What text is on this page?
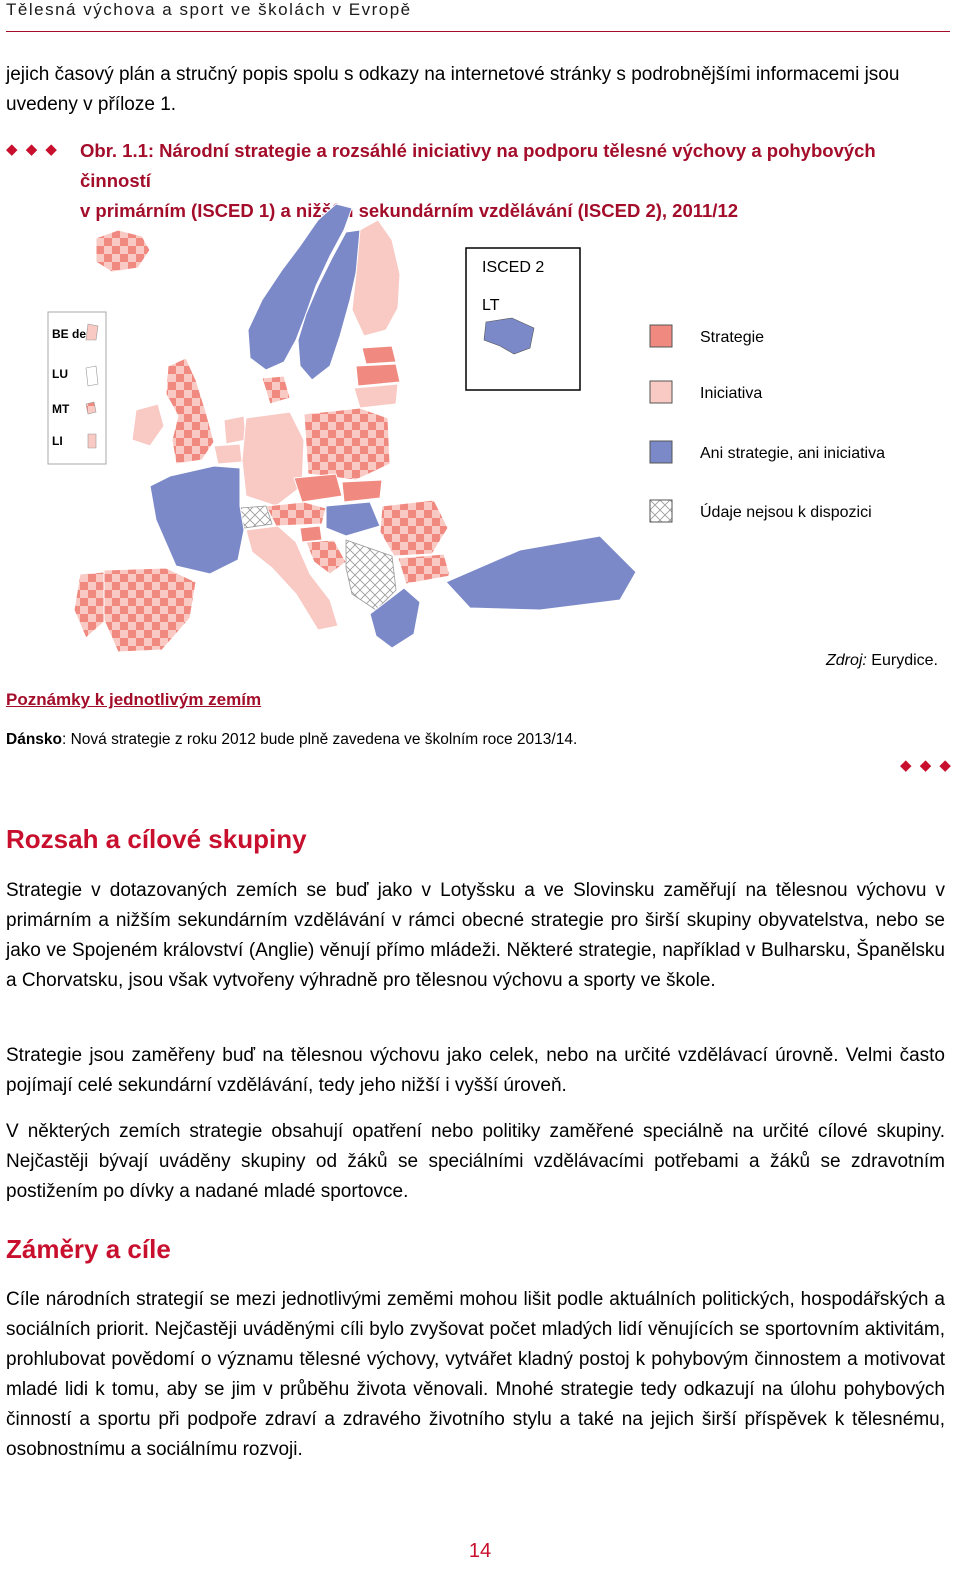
Tělesná výchova a sport ve školách v Evropě
jejich časový plán a stručný popis spolu s odkazy na internetové stránky s podrobnějšími informacemi jsou uvedeny v příloze 1.
◆ ◆ ◆ Obr. 1.1: Národní strategie a rozsáhlé iniciativy na podporu tělesné výchovy a pohybových činností
v primárním (ISCED 1) a nižším sekundárním vzdělávání (ISCED 2), 2011/12
BE de
LU
MT
LI
ISCED 2
LT
Strategie
Iniciativa
Ani strategie, ani iniciativa
Údaje nejsou k dispozici
Zdroj: Eurydice.
Poznámky k jednotlivým zemím
Dánsko: Nová strategie z roku 2012 bude plně zavedena ve školním roce 2013/14.
◆ ◆ ◆
Rozsah a cílové skupiny
Strategie v dotazovaných zemích se buď jako v Lotyšsku a ve Slovinsku zaměřují na tělesnou výchovu v primárním a nižším sekundárním vzdělávání v rámci obecné strategie pro širší skupiny obyvatelstva, nebo se jako ve Spojeném království (Anglie) věnují přímo mládeži. Některé strategie, například v Bulharsku, Španělsku a Chorvatsku, jsou však vytvořeny výhradně pro tělesnou výchovu a sporty ve škole.
Strategie jsou zaměřeny buď na tělesnou výchovu jako celek, nebo na určité vzdělávací úrovně. Velmi často pojímají celé sekundární vzdělávání, tedy jeho nižší i vyšší úroveň.
V některých zemích strategie obsahují opatření nebo politiky zaměřené speciálně na určité cílové skupiny. Nejčastěji bývají uváděny skupiny od žáků se speciálními vzdělávacími potřebami a žáků se zdravotním postižením po dívky a nadané mladé sportovce.
Záměry a cíle
Cíle národních strategií se mezi jednotlivými zeměmi mohou lišit podle aktuálních politických, hospodářských a sociálních priorit. Nejčastěji uváděnými cíli bylo zvyšovat počet mladých lidí věnujících se sportovním aktivitám, prohlubovat povědomí o významu tělesné výchovy, vytvářet kladný postoj k pohybovým činnostem a motivovat mladé lidi k tomu, aby se jim v průběhu života věnovali. Mnohé strategie tedy odkazují na úlohu pohybových činností a sportu při podpoře zdraví a zdravého životního stylu a také na jejich širší příspěvek k tělesnému, osobnostnímu a sociálnímu rozvoji.
14
